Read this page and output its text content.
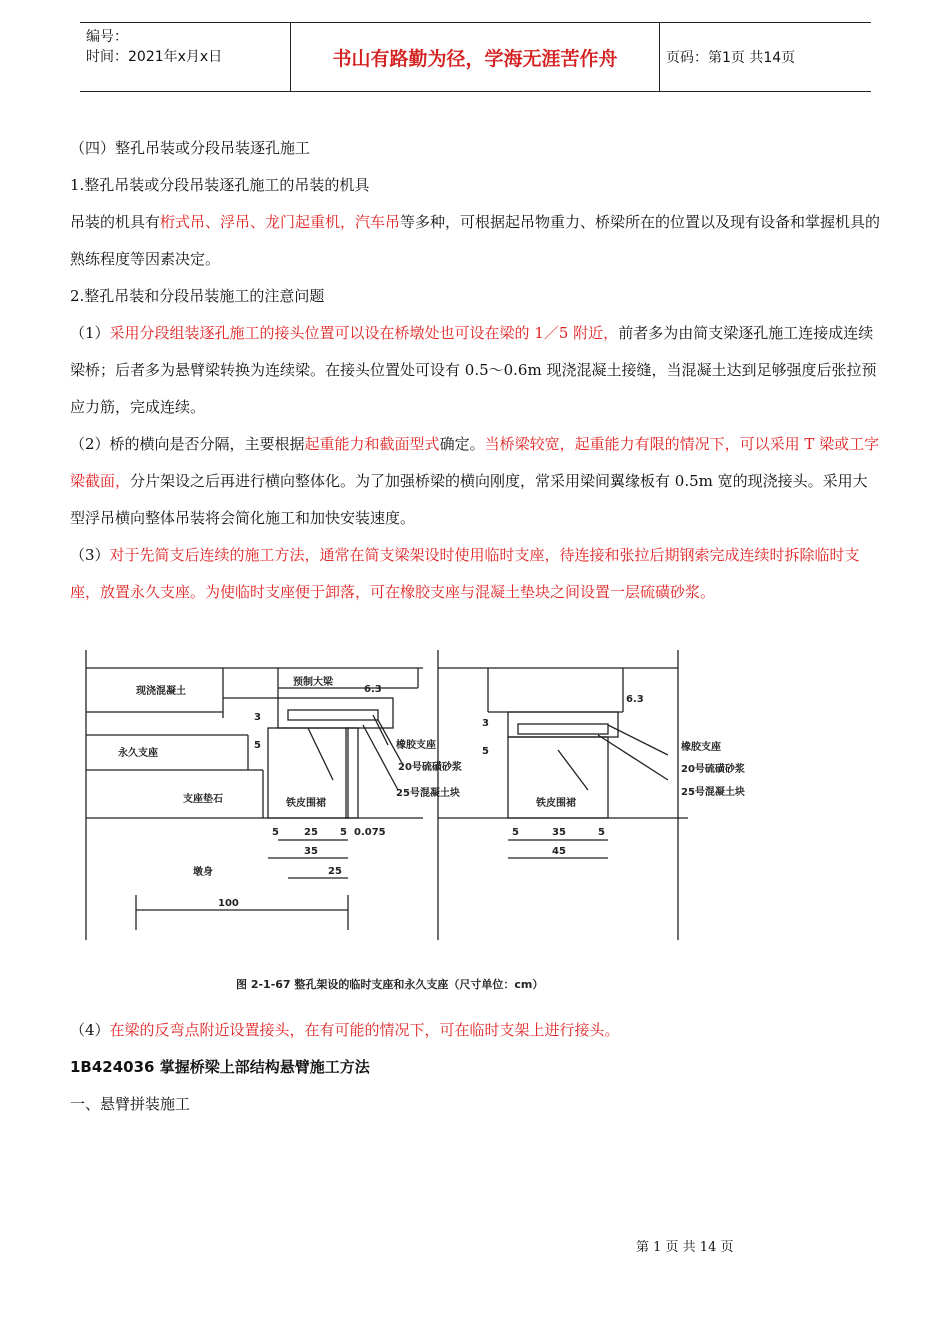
编号：
时间：2021年x月x日	书山有路勤为径，学海无涯苦作舟	页码：第1页 共14页

（四）整孔吊装或分段吊装逐孔施工

1.整孔吊装或分段吊装逐孔施工的吊装的机具

吊装的机具有桁式吊、浮吊、龙门起重机，汽车吊等多种，可根据起吊物重力、桥梁所在的位置以及现有设备和掌握机具的熟练程度等因素决定。

2.整孔吊装和分段吊装施工的注意问题

（1）采用分段组装逐孔施工的接头位置可以设在桥墩处也可设在梁的 1／5 附近，前者多为由简支梁逐孔施工连接成连续梁桥；后者多为悬臂梁转换为连续梁。在接头位置处可设有 0.5～0.6m 现浇混凝土接缝，当混凝土达到足够强度后张拉预应力筋，完成连续。

（2）桥的横向是否分隔，主要根据起重能力和截面型式确定。当桥梁较宽，起重能力有限的情况下，可以采用 T 梁或工字梁截面，分片架设之后再进行横向整体化。为了加强桥梁的横向刚度，常采用梁间翼缘板有 0.5m 宽的现浇接头。采用大型浮吊横向整体吊装将会简化施工和加快安装速度。

（3）对于先简支后连续的施工方法，通常在简支梁架设时使用临时支座，待连接和张拉后期钢索完成连续时拆除临时支座，放置永久支座。为使临时支座便于卸落，可在橡胶支座与混凝土垫块之间设置一层硫磺砂浆。

现浇混凝土
预制大梁
永久支座
橡胶支座
20号硫磺砂浆
25号混凝土块
支座垫石	铁皮围裙
墩身
6.3
3
5
5	25 5 0.075
35
25
100
橡胶支座
20号硫磺砂浆
25号混凝土块
铁皮围裙
6.3
3
5
5	35	5
45
图 2-1-67 整孔架设的临时支座和永久支座（尺寸单位：cm）

（4）在梁的反弯点附近设置接头，在有可能的情况下，可在临时支架上进行接头。

1B424036 掌握桥梁上部结构悬臂施工方法

一、悬臂拼装施工

第 1 页 共 14 页
